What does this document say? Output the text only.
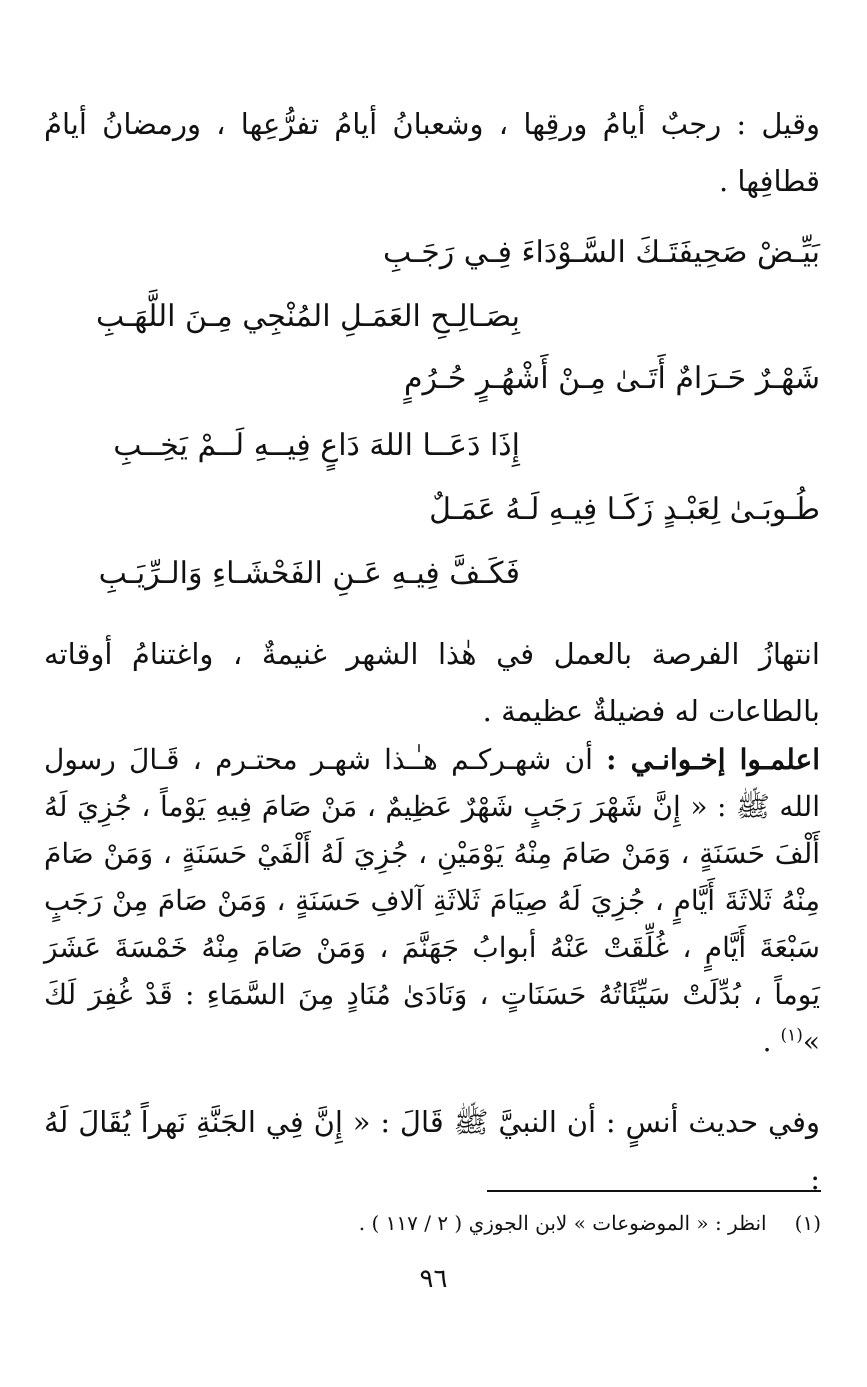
وقيل : رجبٌ أيامُ ورقِها ، وشعبانُ أيامُ تفرُّعِها ، ورمضانُ أيامُ قطافِها .

بَيِّـضْ صَحِيفَتَـكَ السَّـوْدَاءَ فِـي رَجَـبِ
بِصَـالِـحِ العَمَـلِ المُنْجِي مِـنَ اللَّهَـبِ
شَهْـرٌ حَـرَامٌ أَتَـىٰ مِـنْ أَشْهُـرٍ حُـرُمٍ
إِذَا دَعَــا اللهَ دَاعٍ فِيــهِ لَــمْ يَخِــبِ
طُـوبَـىٰ لِعَبْـدٍ زَكَـا فِيـهِ لَـهُ عَمَـلٌ
فَكَـفَّ فِيـهِ عَـنِ الفَحْشَـاءِ وَالـرِّيَـبِ

انتهازُ الفرصة بالعمل في هٰذا الشهر غنيمةٌ ، واغتنامُ أوقاته بالطاعات له فضيلةٌ عظيمة .

اعلمـوا إخـوانـي : أن شهـركـم هـٰـذا شهـر محتـرم ، قَـالَ رسول الله ﷺ : « إِنَّ شَهْرَ رَجَبٍ شَهْرٌ عَظِيمٌ ، مَنْ صَامَ فِيهِ يَوْماً ، جُزِيَ لَهُ أَلْفَ حَسَنَةٍ ، وَمَنْ صَامَ مِنْهُ يَوْمَيْنِ ، جُزِيَ لَهُ أَلْفَيْ حَسَنَةٍ ، وَمَنْ صَامَ مِنْهُ ثَلاثَةَ أَيَّامٍ ، جُزِيَ لَهُ صِيَامَ ثَلاثَةِ آلافِ حَسَنَةٍ ، وَمَنْ صَامَ مِنْ رَجَبٍ سَبْعَةَ أَيَّامٍ ، غُلِّقَتْ عَنْهُ أبوابُ جَهَنَّمَ ، وَمَنْ صَامَ مِنْهُ خَمْسَةَ عَشَرَ يَوماً ، بُدِّلَتْ سَيِّئَاتُهُ حَسَنَاتٍ ، وَنَادَىٰ مُنَادٍ مِنَ السَّمَاءِ : قَدْ غُفِرَ لَكَ »$^{(١)}$ .

وفي حديث أنسٍ : أن النبيَّ ﷺ قَالَ : « إِنَّ فِي الجَنَّةِ نَهراً يُقَالَ لَهُ :

(١)انظر : « الموضوعات » لابن الجوزي ( ٢ / ١١٧ ) .
٩٦
